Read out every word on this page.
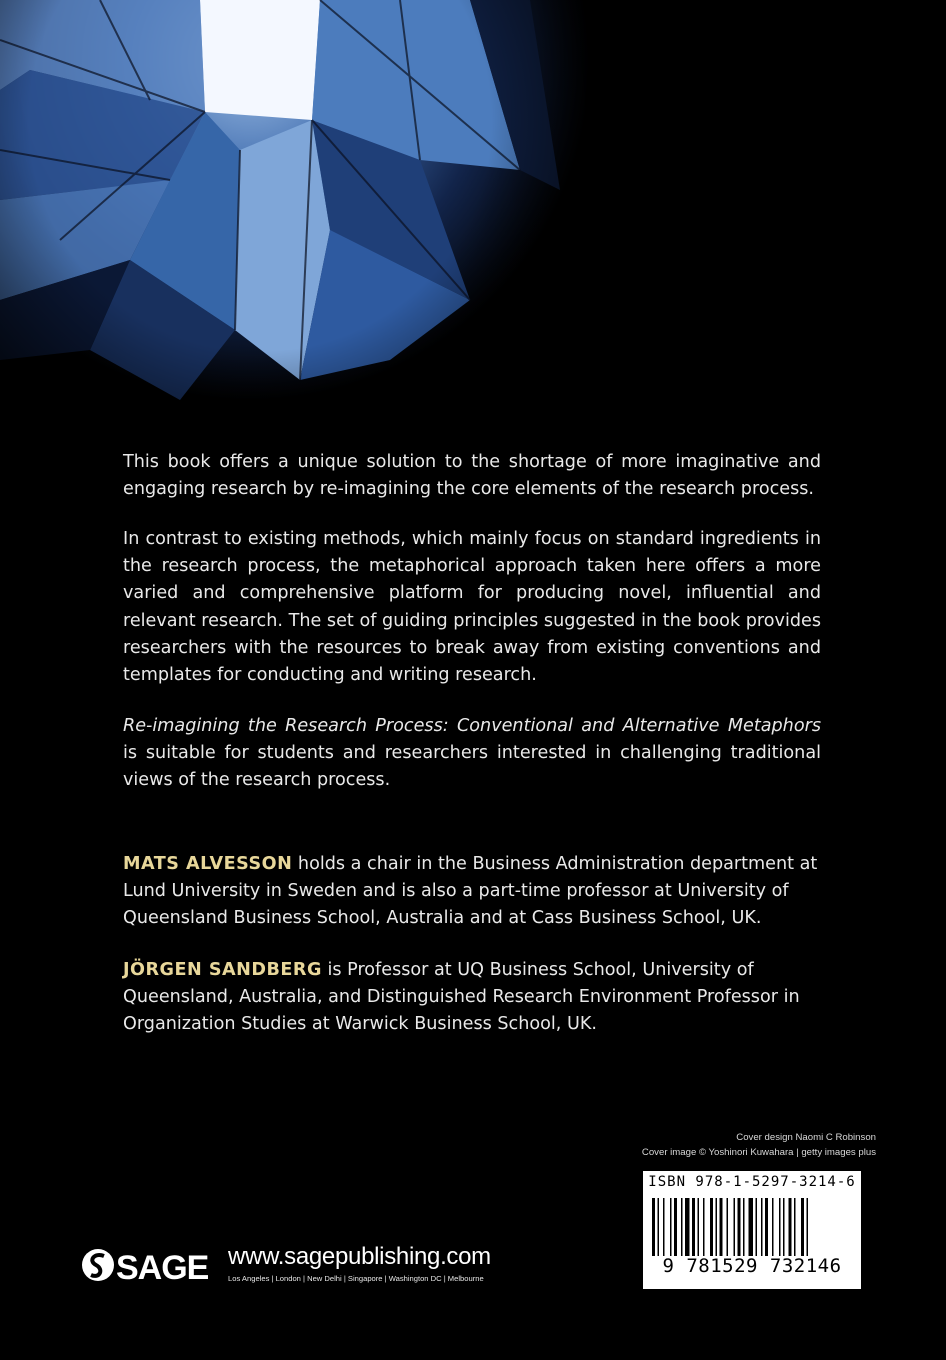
This book offers a unique solution to the shortage of more imaginative and engaging research by re-imagining the core elements of the research process.

In contrast to existing methods, which mainly focus on standard ingredients in the research process, the metaphorical approach taken here offers a more varied and comprehensive platform for producing novel, influential and relevant research. The set of guiding principles suggested in the book provides researchers with the resources to break away from existing conventions and templates for conducting and writing research.

Re-imagining the Research Process: Conventional and Alternative Metaphors is suitable for students and researchers interested in challenging traditional views of the research process.

MATS ALVESSON holds a chair in the Business Administration department at Lund University in Sweden and is also a part-time professor at University of Queensland Business School, Australia and at Cass Business School, UK.

JÖRGEN SANDBERG is Professor at UQ Business School, University of Queensland, Australia, and Distinguished Research Environment Professor in Organization Studies at Warwick Business School, UK.

Cover design Naomi C Robinson
Cover image © Yoshinori Kuwahara | getty images plus
ISBN 978-1-5297-3214-6
9 781529 732146
SAGE www.sagepublishing.com
Los Angeles | London | New Delhi | Singapore | Washington DC | Melbourne
